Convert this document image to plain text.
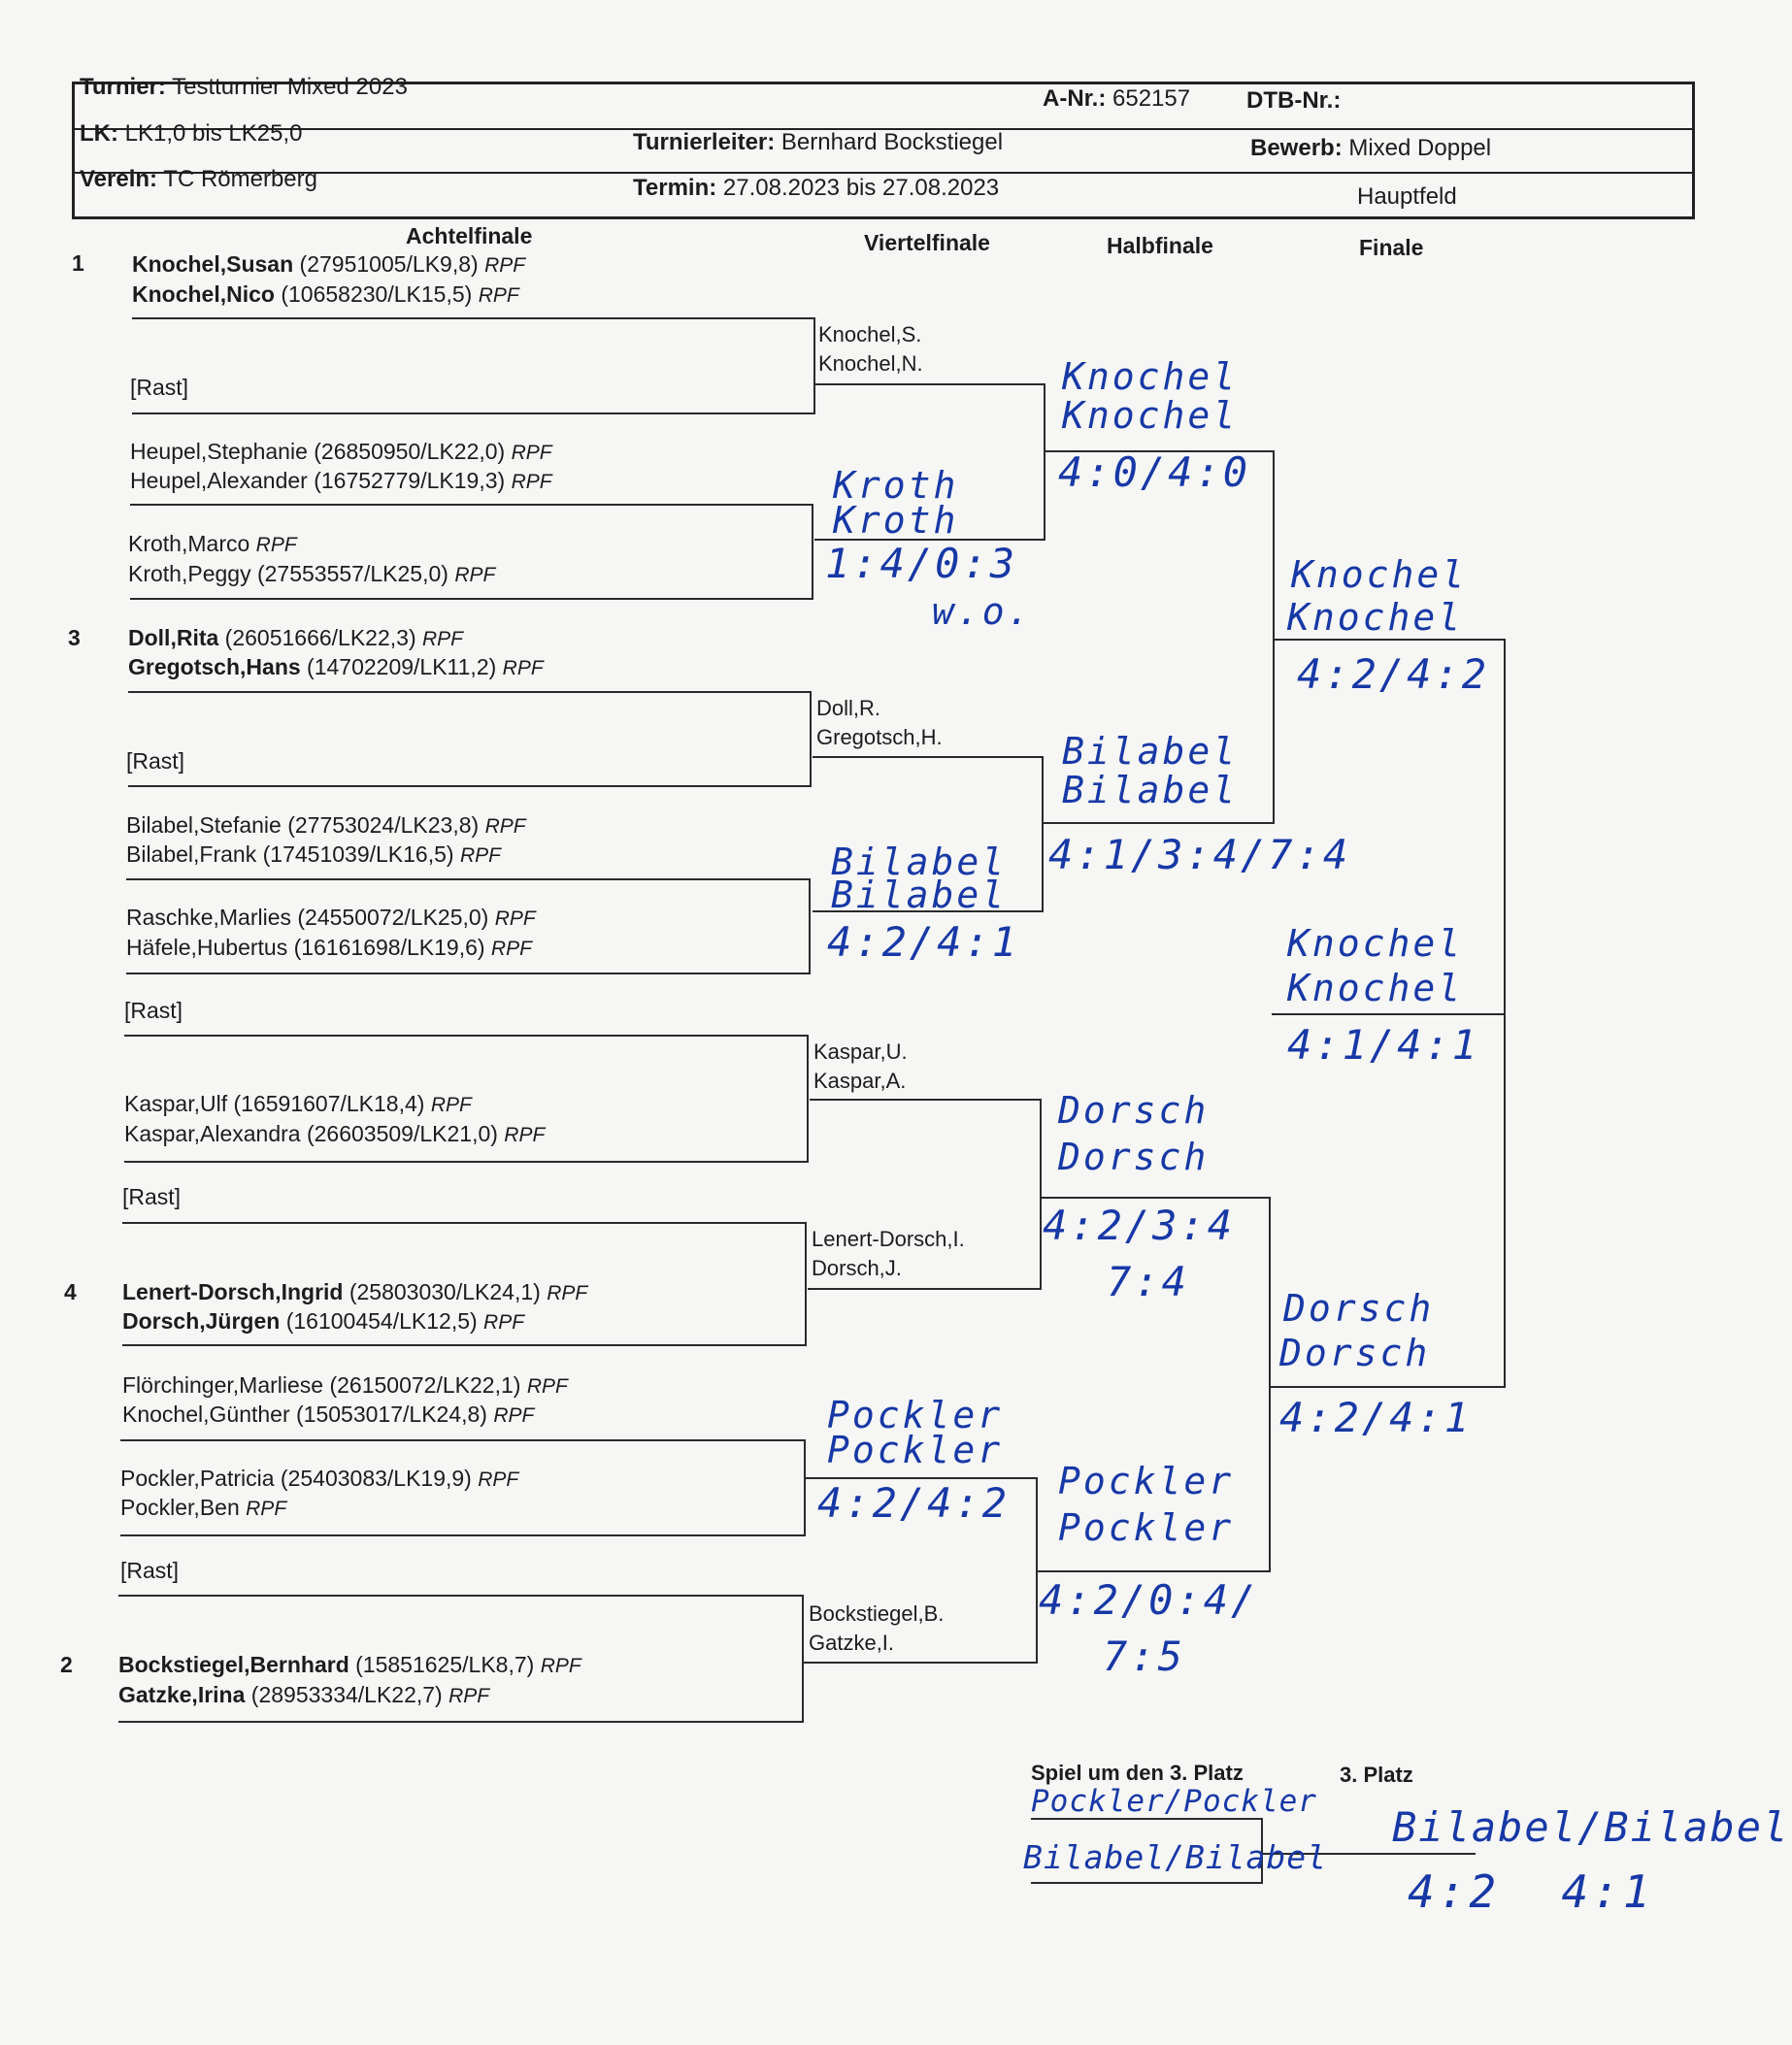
Turnier: Testturnier Mixed 2023	A-Nr.: 652157 DTB-Nr.:
LK: LK1,0 bis LK25,0	Turnierleiter: Bernhard Bockstiegel	Bewerb: Mixed Doppel
Verein: TC Römerberg	Termin: 27.08.2023 bis 27.08.2023	Hauptfeld
Achtelfinale	Viertelfinale	Halbfinale	Finale
1
3
4
2
Knochel,Susan (27951005/LK9,8) RPF
Knochel,Nico (10658230/LK15,5) RPF
[Rast]
Heupel,Stephanie (26850950/LK22,0) RPF
Heupel,Alexander (16752779/LK19,3) RPF
Kroth,Marco RPF
Kroth,Peggy (27553557/LK25,0) RPF
Doll,Rita (26051666/LK22,3) RPF
Gregotsch,Hans (14702209/LK11,2) RPF
[Rast]
Bilabel,Stefanie (27753024/LK23,8) RPF
Bilabel,Frank (17451039/LK16,5) RPF
Raschke,Marlies (24550072/LK25,0) RPF
Häfele,Hubertus (16161698/LK19,6) RPF
[Rast]
Kaspar,Ulf (16591607/LK18,4) RPF
Kaspar,Alexandra (26603509/LK21,0) RPF
[Rast]
Lenert-Dorsch,Ingrid (25803030/LK24,1) RPF
Dorsch,Jürgen (16100454/LK12,5) RPF
Flörchinger,Marliese (26150072/LK22,1) RPF
Knochel,Günther (15053017/LK24,8) RPF
Pockler,Patricia (25403083/LK19,9) RPF
Pockler,Ben RPF
[Rast]
Bockstiegel,Bernhard (15851625/LK8,7) RPF
Gatzke,Irina (28953334/LK22,7) RPF
Knochel,S.
Knochel,N.
Doll,R.
Gregotsch,H.
Kaspar,U.
Kaspar,A.
Lenert-Dorsch,I.
Dorsch,J.
Bockstiegel,B.
Gatzke,I.
Kroth
Kroth
1:4/0:3
w.o.
Bilabel
Bilabel
4:2/4:1
Pockler
Pockler
4:2/4:2
Knochel
Knochel
4:0/4:0
Bilabel
Bilabel
4:1/3:4/7:4
Dorsch
Dorsch
4:2/3:4
7:4
Pockler
Pockler
4:2/0:4/
7:5
Knochel
Knochel
4:2/4:2
Knochel
Knochel
4:1/4:1
Dorsch
Dorsch
4:2/4:1
Spiel um den 3. Platz	3. Platz
Pockler/Pockler
Bilabel/Bilabel
Bilabel/Bilabel
4:2  4:1
